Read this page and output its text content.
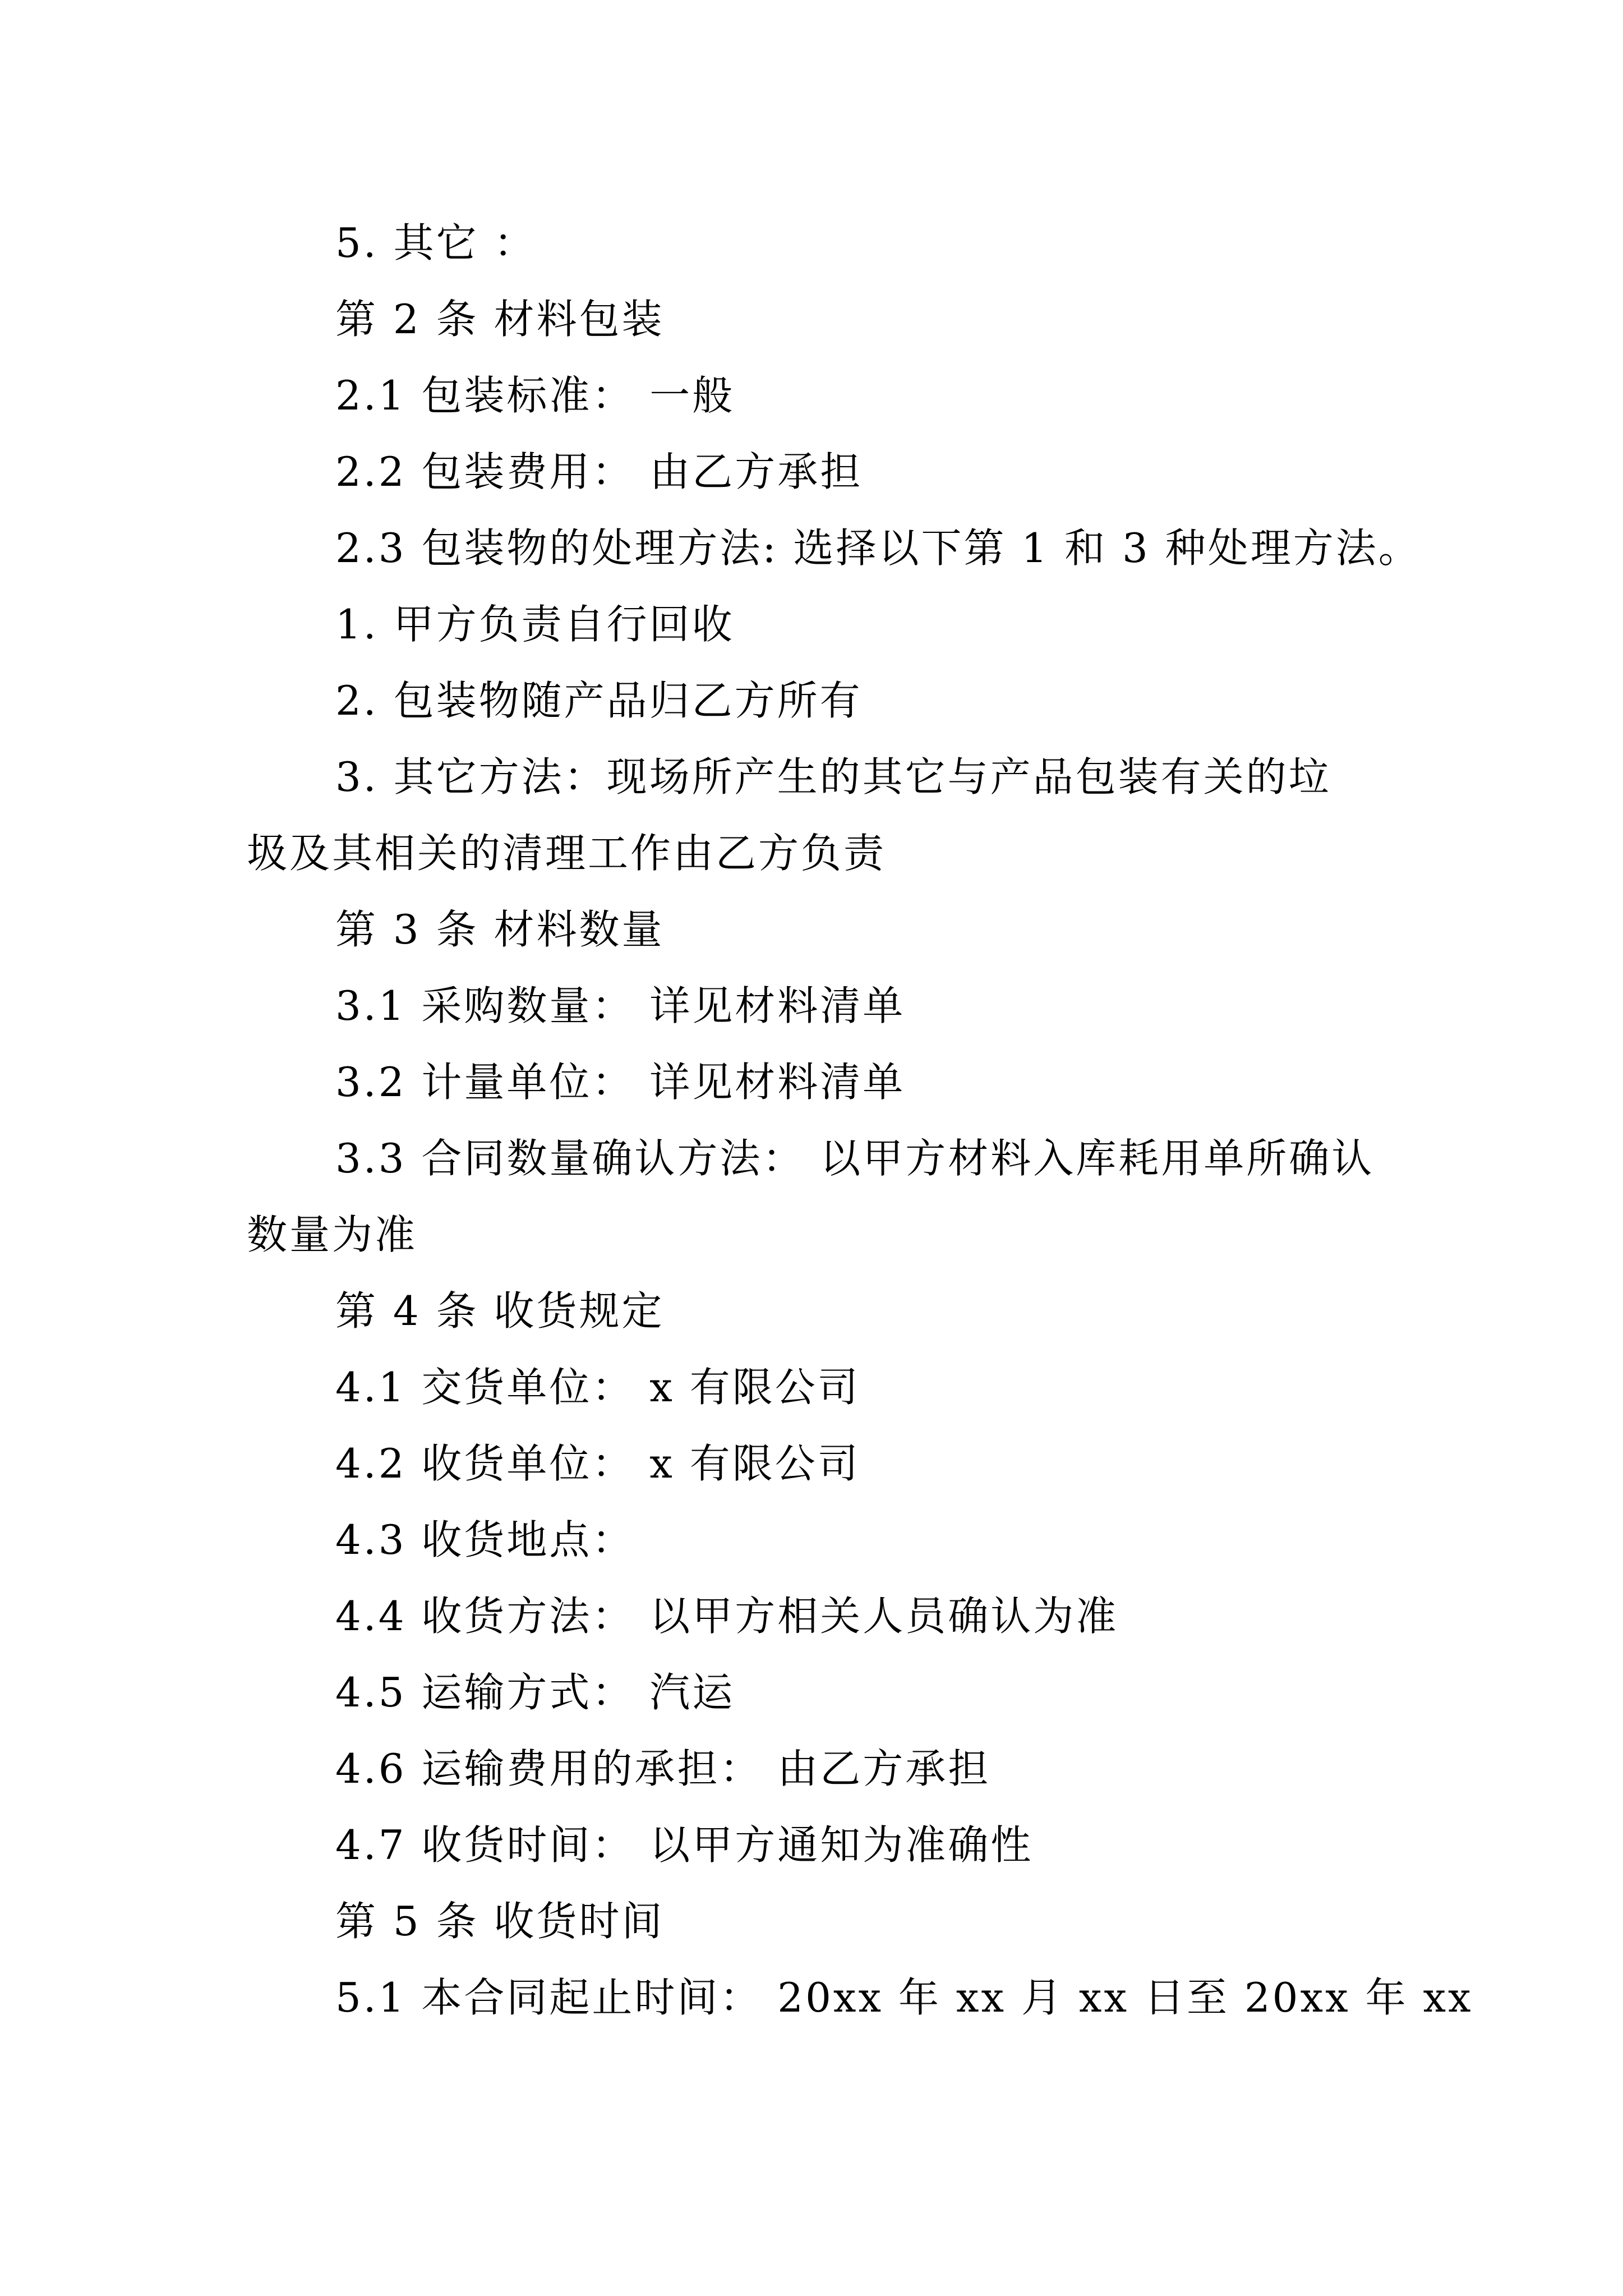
5. 其它 ：
第 2 条 材料包装
2.1 包装标准： 一般
2.2 包装费用： 由乙方承担
2.3 包装物的处理方法: 选择以下第 1 和 3 种处理方法。
1. 甲方负责自行回收
2. 包装物随产品归乙方所有
3. 其它方法：现场所产生的其它与产品包装有关的垃
圾及其相关的清理工作由乙方负责
第 3 条 材料数量
3.1 采购数量： 详见材料清单
3.2 计量单位： 详见材料清单
3.3 合同数量确认方法： 以甲方材料入库耗用单所确认
数量为准
第 4 条 收货规定
4.1 交货单位： x 有限公司
4.2 收货单位： x 有限公司
4.3 收货地点：
4.4 收货方法： 以甲方相关人员确认为准
4.5 运输方式： 汽运
4.6 运输费用的承担： 由乙方承担
4.7 收货时间： 以甲方通知为准确性
第 5 条 收货时间
5.1 本合同起止时间： 20xx 年 xx 月 xx 日至 20xx 年 xx
